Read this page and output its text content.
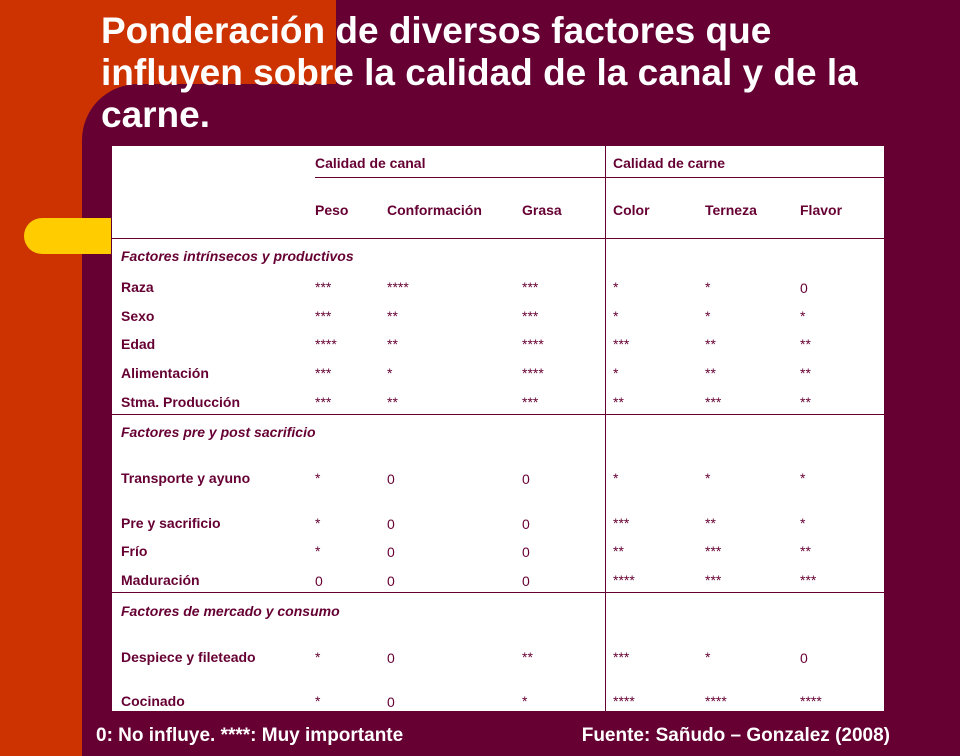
Ponderación de diversos factores que influyen sobre la calidad de la canal y de la carne.
Calidad de canal	Calidad de carne
Peso	Conformación	Grasa	Color	Terneza	Flavor
Factores intrínsecos y productivos
Raza	***	****	***	*	*	0
Sexo	***	**	***	*	*	*
Edad	****	**	****	***	**	**
Alimentación	***	*	****	*	**	**
Stma. Producción	***	**	***	**	***	**
Factores pre y post sacrificio
Transporte y ayuno	*	0	0	*	*	*
Pre y sacrificio	*	0	0	***	**	*
Frío	*	0	0	**	***	**
Maduración	0	0	0	****	***	***
Factores de mercado y consumo
Despiece y fileteado	*	0	**	***	*	0
Cocinado	*	0	*	****	****	****

0: No influye. ****: Muy importante	Fuente: Sañudo – Gonzalez (2008)
